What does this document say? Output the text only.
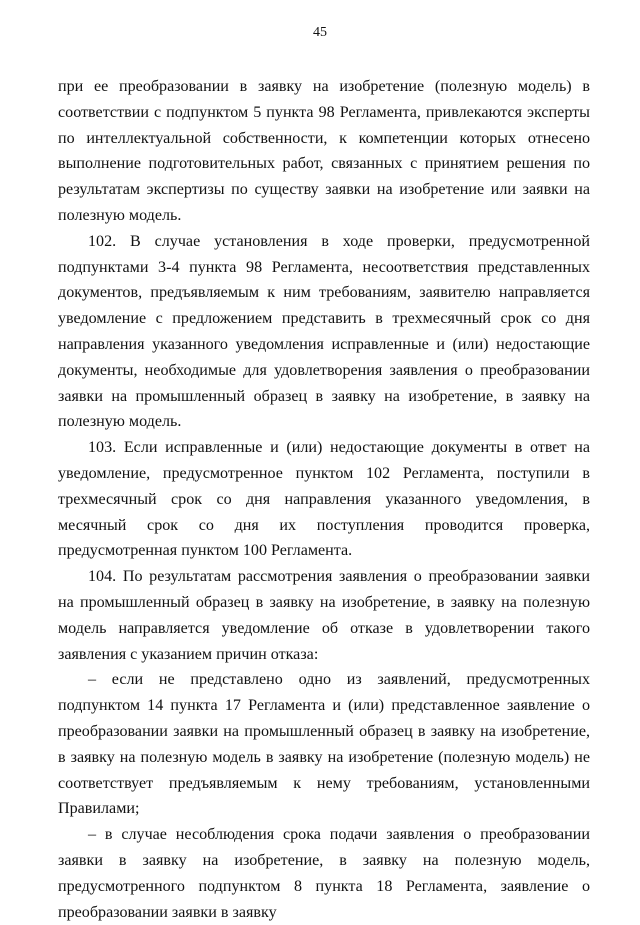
45

при ее преобразовании в заявку на изобретение (полезную модель) в соответствии с подпунктом 5 пункта 98 Регламента, привлекаются эксперты по интеллектуальной собственности, к компетенции которых отнесено выполнение подготовительных работ, связанных с принятием решения по результатам экспертизы по существу заявки на изобретение или заявки на полезную модель.

102. В случае установления в ходе проверки, предусмотренной подпунктами 3-4 пункта 98 Регламента, несоответствия представленных документов, предъявляемым к ним требованиям, заявителю направляется уведомление с предложением представить в трехмесячный срок со дня направления указанного уведомления исправленные и (или) недостающие документы, необходимые для удовлетворения заявления о преобразовании заявки на промышленный образец в заявку на изобретение, в заявку на полезную модель.

103. Если исправленные и (или) недостающие документы в ответ на уведомление, предусмотренное пунктом 102 Регламента, поступили в трехмесячный срок со дня направления указанного уведомления, в месячный срок со дня их поступления проводится проверка, предусмотренная пунктом 100 Регламента.

104. По результатам рассмотрения заявления о преобразовании заявки на промышленный образец в заявку на изобретение, в заявку на полезную модель направляется уведомление об отказе в удовлетворении такого заявления с указанием причин отказа:

– если не представлено одно из заявлений, предусмотренных подпунктом 14 пункта 17 Регламента и (или) представленное заявление о преобразовании заявки на промышленный образец в заявку на изобретение, в заявку на полезную модель в заявку на изобретение (полезную модель) не соответствует предъявляемым к нему требованиям, установленными Правилами;

– в случае несоблюдения срока подачи заявления о преобразовании заявки в заявку на изобретение, в заявку на полезную модель, предусмотренного подпунктом 8 пункта 18 Регламента, заявление о преобразовании заявки в заявку
